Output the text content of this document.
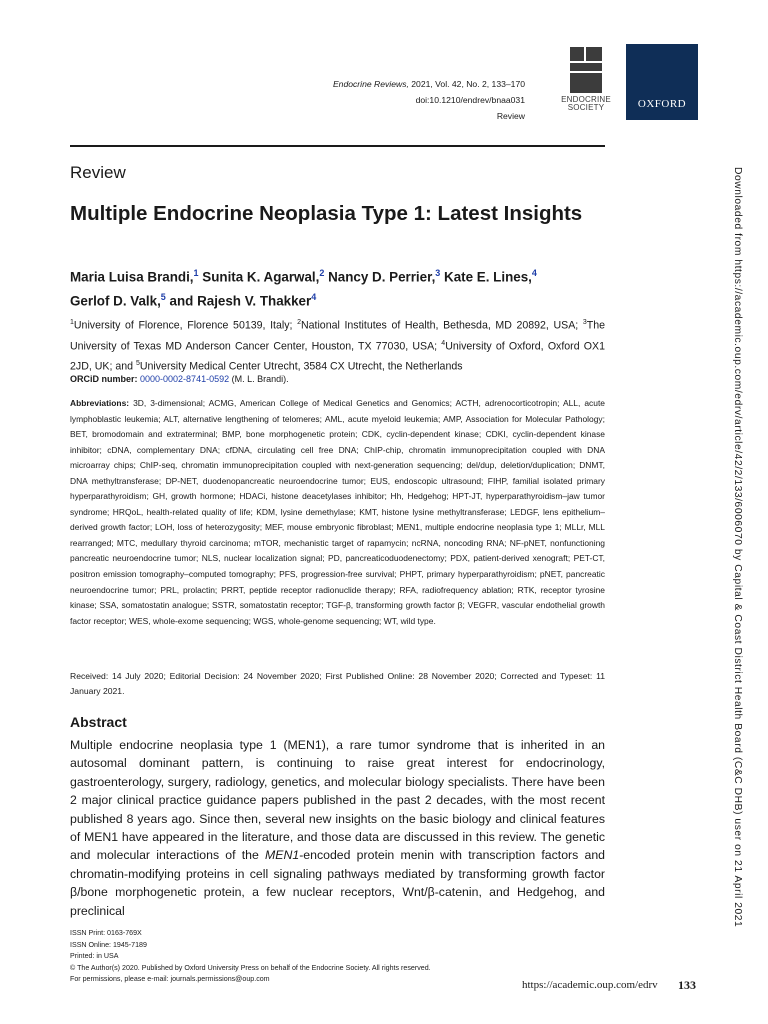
Endocrine Reviews, 2021, Vol. 42, No. 2, 133–170
doi:10.1210/endrev/bnaa031
Review
ENDOCRINE
SOCIETY	OXFORD
Review
Multiple Endocrine Neoplasia Type 1: Latest Insights
Maria Luisa Brandi,$^1$ Sunita K. Agarwal,$^2$ Nancy D. Perrier,$^3$ Kate E. Lines,$^4$
Gerlof D. Valk,$^5$ and Rajesh V. Thakker$^4$
$^1$University of Florence, Florence 50139, Italy; $^2$National Institutes of Health, Bethesda, MD 20892, USA; $^3$The University of Texas MD Anderson Cancer Center, Houston, TX 77030, USA; $^4$University of Oxford, Oxford OX1 2JD, UK; and $^5$University Medical Center Utrecht, 3584 CX Utrecht, the Netherlands
ORCiD number: 0000-0002-8741-0592 (M. L. Brandi).
Abbreviations: 3D, 3-dimensional; ACMG, American College of Medical Genetics and Genomics; ACTH, adrenocorticotropin; ALL, acute lymphoblastic leukemia; ALT, alternative lengthening of telomeres; AML, acute myeloid leukemia; AMP, Association for Molecular Pathology; BET, bromodomain and extraterminal; BMP, bone morphogenetic protein; CDK, cyclin-dependent kinase; CDKI, cyclin-dependent kinase inhibitor; cDNA, complementary DNA; cfDNA, circulating cell free DNA; ChIP-chip, chromatin immunoprecipitation coupled with DNA microarray chips; ChIP-seq, chromatin immunoprecipitation coupled with next-generation sequencing; del/dup, deletion/duplication; DNMT, DNA methyltransferase; DP-NET, duodenopancreatic neuroendocrine tumor; EUS, endoscopic ultrasound; FIHP, familial isolated primary hyperparathyroidism; GH, growth hormone; HDACi, histone deacetylases inhibitor; Hh, Hedgehog; HPT-JT, hyperparathyroidism–jaw tumor syndrome; HRQoL, health-related quality of life; KDM, lysine demethylase; KMT, histone lysine methyltransferase; LEDGF, lens epithelium–derived growth factor; LOH, loss of heterozygosity; MEF, mouse embryonic fibroblast; MEN1, multiple endocrine neoplasia type 1; MLLr, MLL rearranged; MTC, medullary thyroid carcinoma; mTOR, mechanistic target of rapamycin; ncRNA, noncoding RNA; NF-pNET, nonfunctioning pancreatic neuroendocrine tumor; NLS, nuclear localization signal; PD, pancreaticoduodenectomy; PDX, patient-derived xenograft; PET-CT, positron emission tomography–computed tomography; PFS, progression-free survival; PHPT, primary hyperparathyroidism; pNET, pancreatic neuroendocrine tumor; PRL, prolactin; PRRT, peptide receptor radionuclide therapy; RFA, radiofrequency ablation; RTK, receptor tyrosine kinase; SSA, somatostatin analogue; SSTR, somatostatin receptor; TGF-β, transforming growth factor β; VEGFR, vascular endothelial growth factor receptor; WES, whole-exome sequencing; WGS, whole-genome sequencing; WT, wild type.
Received: 14 July 2020; Editorial Decision: 24 November 2020; First Published Online: 28 November 2020; Corrected and Typeset: 11 January 2021.
Abstract
Multiple endocrine neoplasia type 1 (MEN1), a rare tumor syndrome that is inherited in an autosomal dominant pattern, is continuing to raise great interest for endocrinology, gastroenterology, surgery, radiology, genetics, and molecular biology specialists. There have been 2 major clinical practice guidance papers published in the past 2 decades, with the most recent published 8 years ago. Since then, several new insights on the basic biology and clinical features of MEN1 have appeared in the literature, and those data are discussed in this review. The genetic and molecular interactions of the MEN1-encoded protein menin with transcription factors and chromatin-modifying proteins in cell signaling pathways mediated by transforming growth factor β/bone morphogenetic protein, a few nuclear receptors, Wnt/β-catenin, and Hedgehog, and preclinical
ISSN Print: 0163-769X
ISSN Online: 1945-7189
Printed: in USA
© The Author(s) 2020. Published by Oxford University Press on behalf of the Endocrine Society. All rights reserved.
For permissions, please e-mail: journals.permissions@oup.com	https://academic.oup.com/edrv 133
Downloaded from https://academic.oup.com/edrv/article/42/2/133/6006070 by Capital & Coast District Health Board (C&C DHB) user on 21 April 2021
